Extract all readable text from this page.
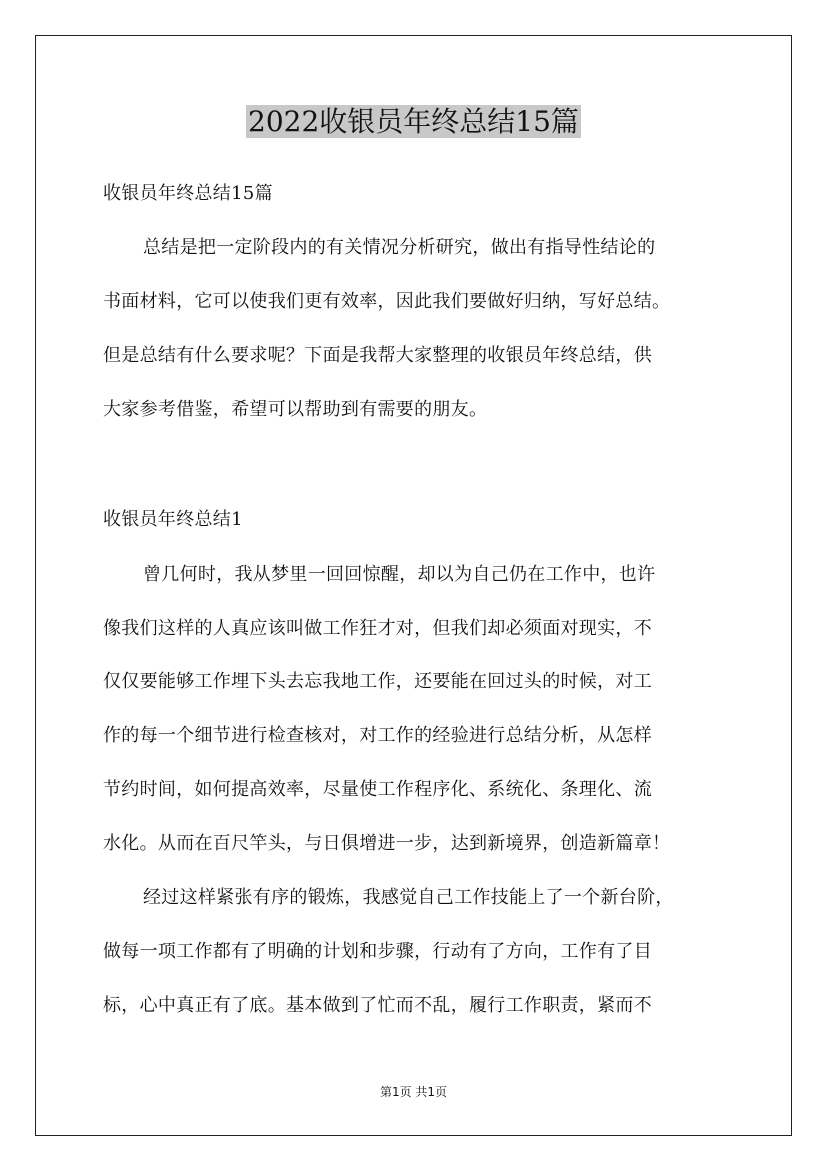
2022收银员年终总结15篇
收银员年终总结15篇
总结是把一定阶段内的有关情况分析研究，做出有指导性结论的
书面材料，它可以使我们更有效率，因此我们要做好归纳，写好总结。
但是总结有什么要求呢？下面是我帮大家整理的收银员年终总结，供
大家参考借鉴，希望可以帮助到有需要的朋友。
收银员年终总结1
曾几何时，我从梦里一回回惊醒，却以为自己仍在工作中，也许
像我们这样的人真应该叫做工作狂才对，但我们却必须面对现实，不
仅仅要能够工作埋下头去忘我地工作，还要能在回过头的时候，对工
作的每一个细节进行检查核对，对工作的经验进行总结分析，从怎样
节约时间，如何提高效率，尽量使工作程序化、系统化、条理化、流
水化。从而在百尺竿头，与日俱增进一步，达到新境界，创造新篇章！
经过这样紧张有序的锻炼，我感觉自己工作技能上了一个新台阶，
做每一项工作都有了明确的计划和步骤，行动有了方向，工作有了目
标，心中真正有了底。基本做到了忙而不乱，履行工作职责，紧而不
第1页 共1页
